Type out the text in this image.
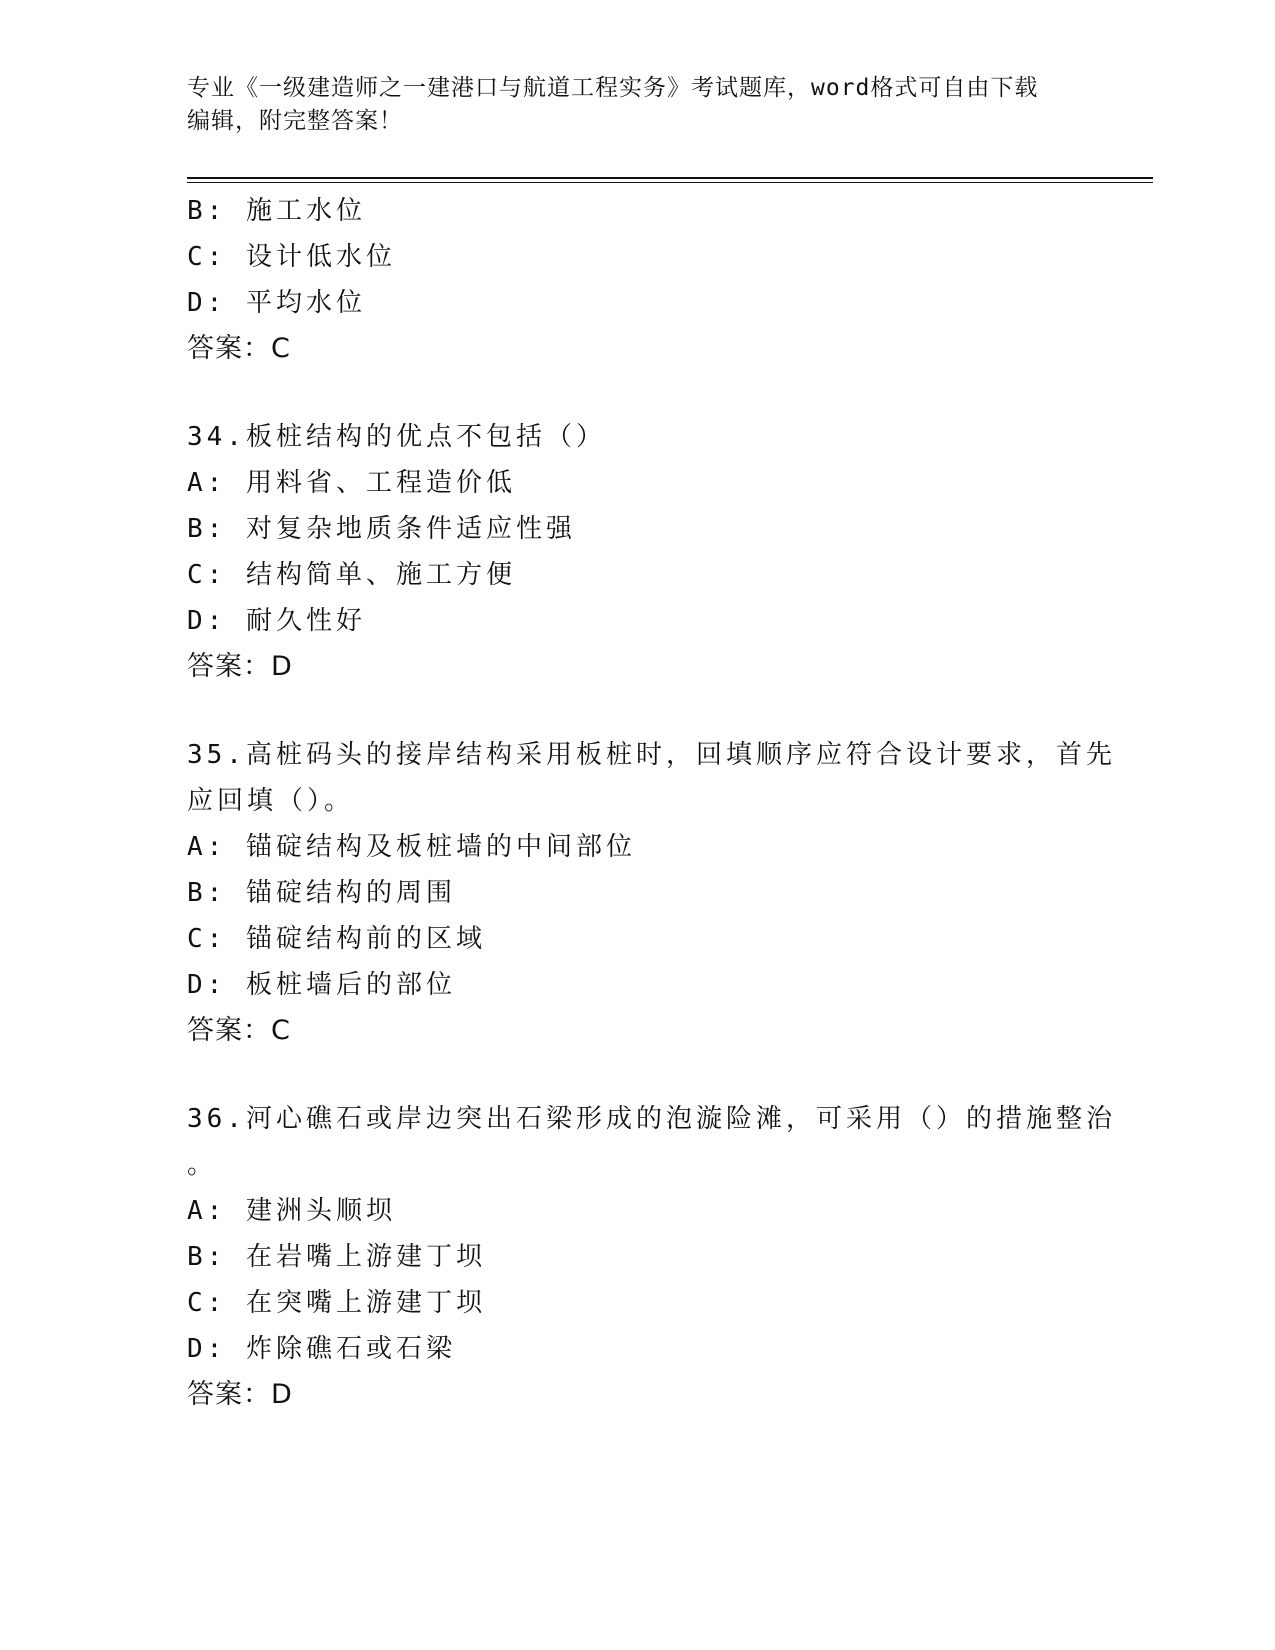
专业《一级建造师之一建港口与航道工程实务》考试题库，word格式可自由下载
编辑，附完整答案！
B: 施工水位
C: 设计低水位
D: 平均水位
答案：C
34.板桩结构的优点不包括（）
A: 用料省、工程造价低
B: 对复杂地质条件适应性强
C: 结构简单、施工方便
D: 耐久性好
答案：D
35.高桩码头的接岸结构采用板桩时，回填顺序应符合设计要求，首先
应回填（）。
A: 锚碇结构及板桩墙的中间部位
B: 锚碇结构的周围
C: 锚碇结构前的区域
D: 板桩墙后的部位
答案：C
36.河心礁石或岸边突出石梁形成的泡漩险滩，可采用（）的措施整治
。
A: 建洲头顺坝
B: 在岩嘴上游建丁坝
C: 在突嘴上游建丁坝
D: 炸除礁石或石梁
答案：D
